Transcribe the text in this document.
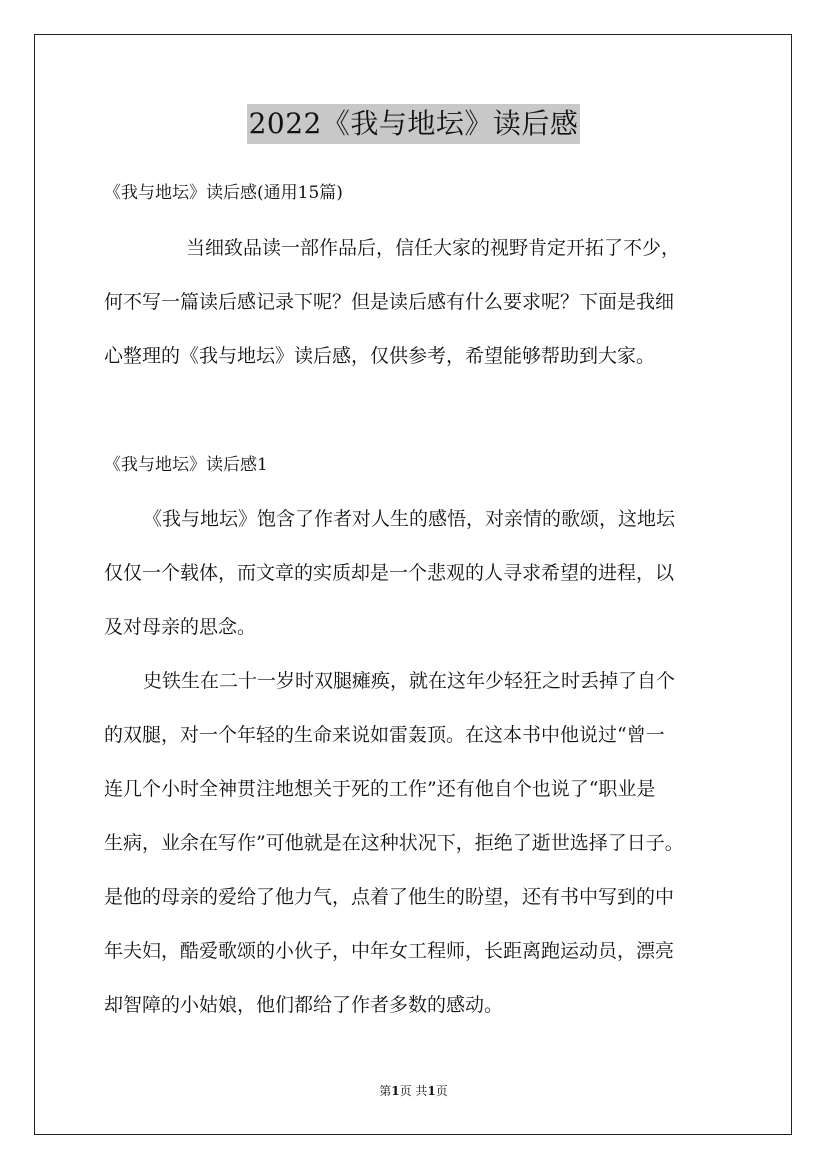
2022《我与地坛》读后感
《我与地坛》读后感(通用15篇)
当细致品读一部作品后，信任大家的视野肯定开拓了不少，
何不写一篇读后感记录下呢？但是读后感有什么要求呢？下面是我细
心整理的《我与地坛》读后感，仅供参考，希望能够帮助到大家。
《我与地坛》读后感1
《我与地坛》饱含了作者对人生的感悟，对亲情的歌颂，这地坛
仅仅一个载体，而文章的实质却是一个悲观的人寻求希望的进程，以
及对母亲的思念。
史铁生在二十一岁时双腿瘫痪，就在这年少轻狂之时丢掉了自个
的双腿，对一个年轻的生命来说如雷轰顶。在这本书中他说过“曾一
连几个小时全神贯注地想关于死的工作”还有他自个也说了“职业是
生病，业余在写作”可他就是在这种状况下，拒绝了逝世选择了日子。
是他的母亲的爱给了他力气，点着了他生的盼望，还有书中写到的中
年夫妇，酷爱歌颂的小伙子，中年女工程师，长距离跑运动员，漂亮
却智障的小姑娘，他们都给了作者多数的感动。
第1页 共1页
